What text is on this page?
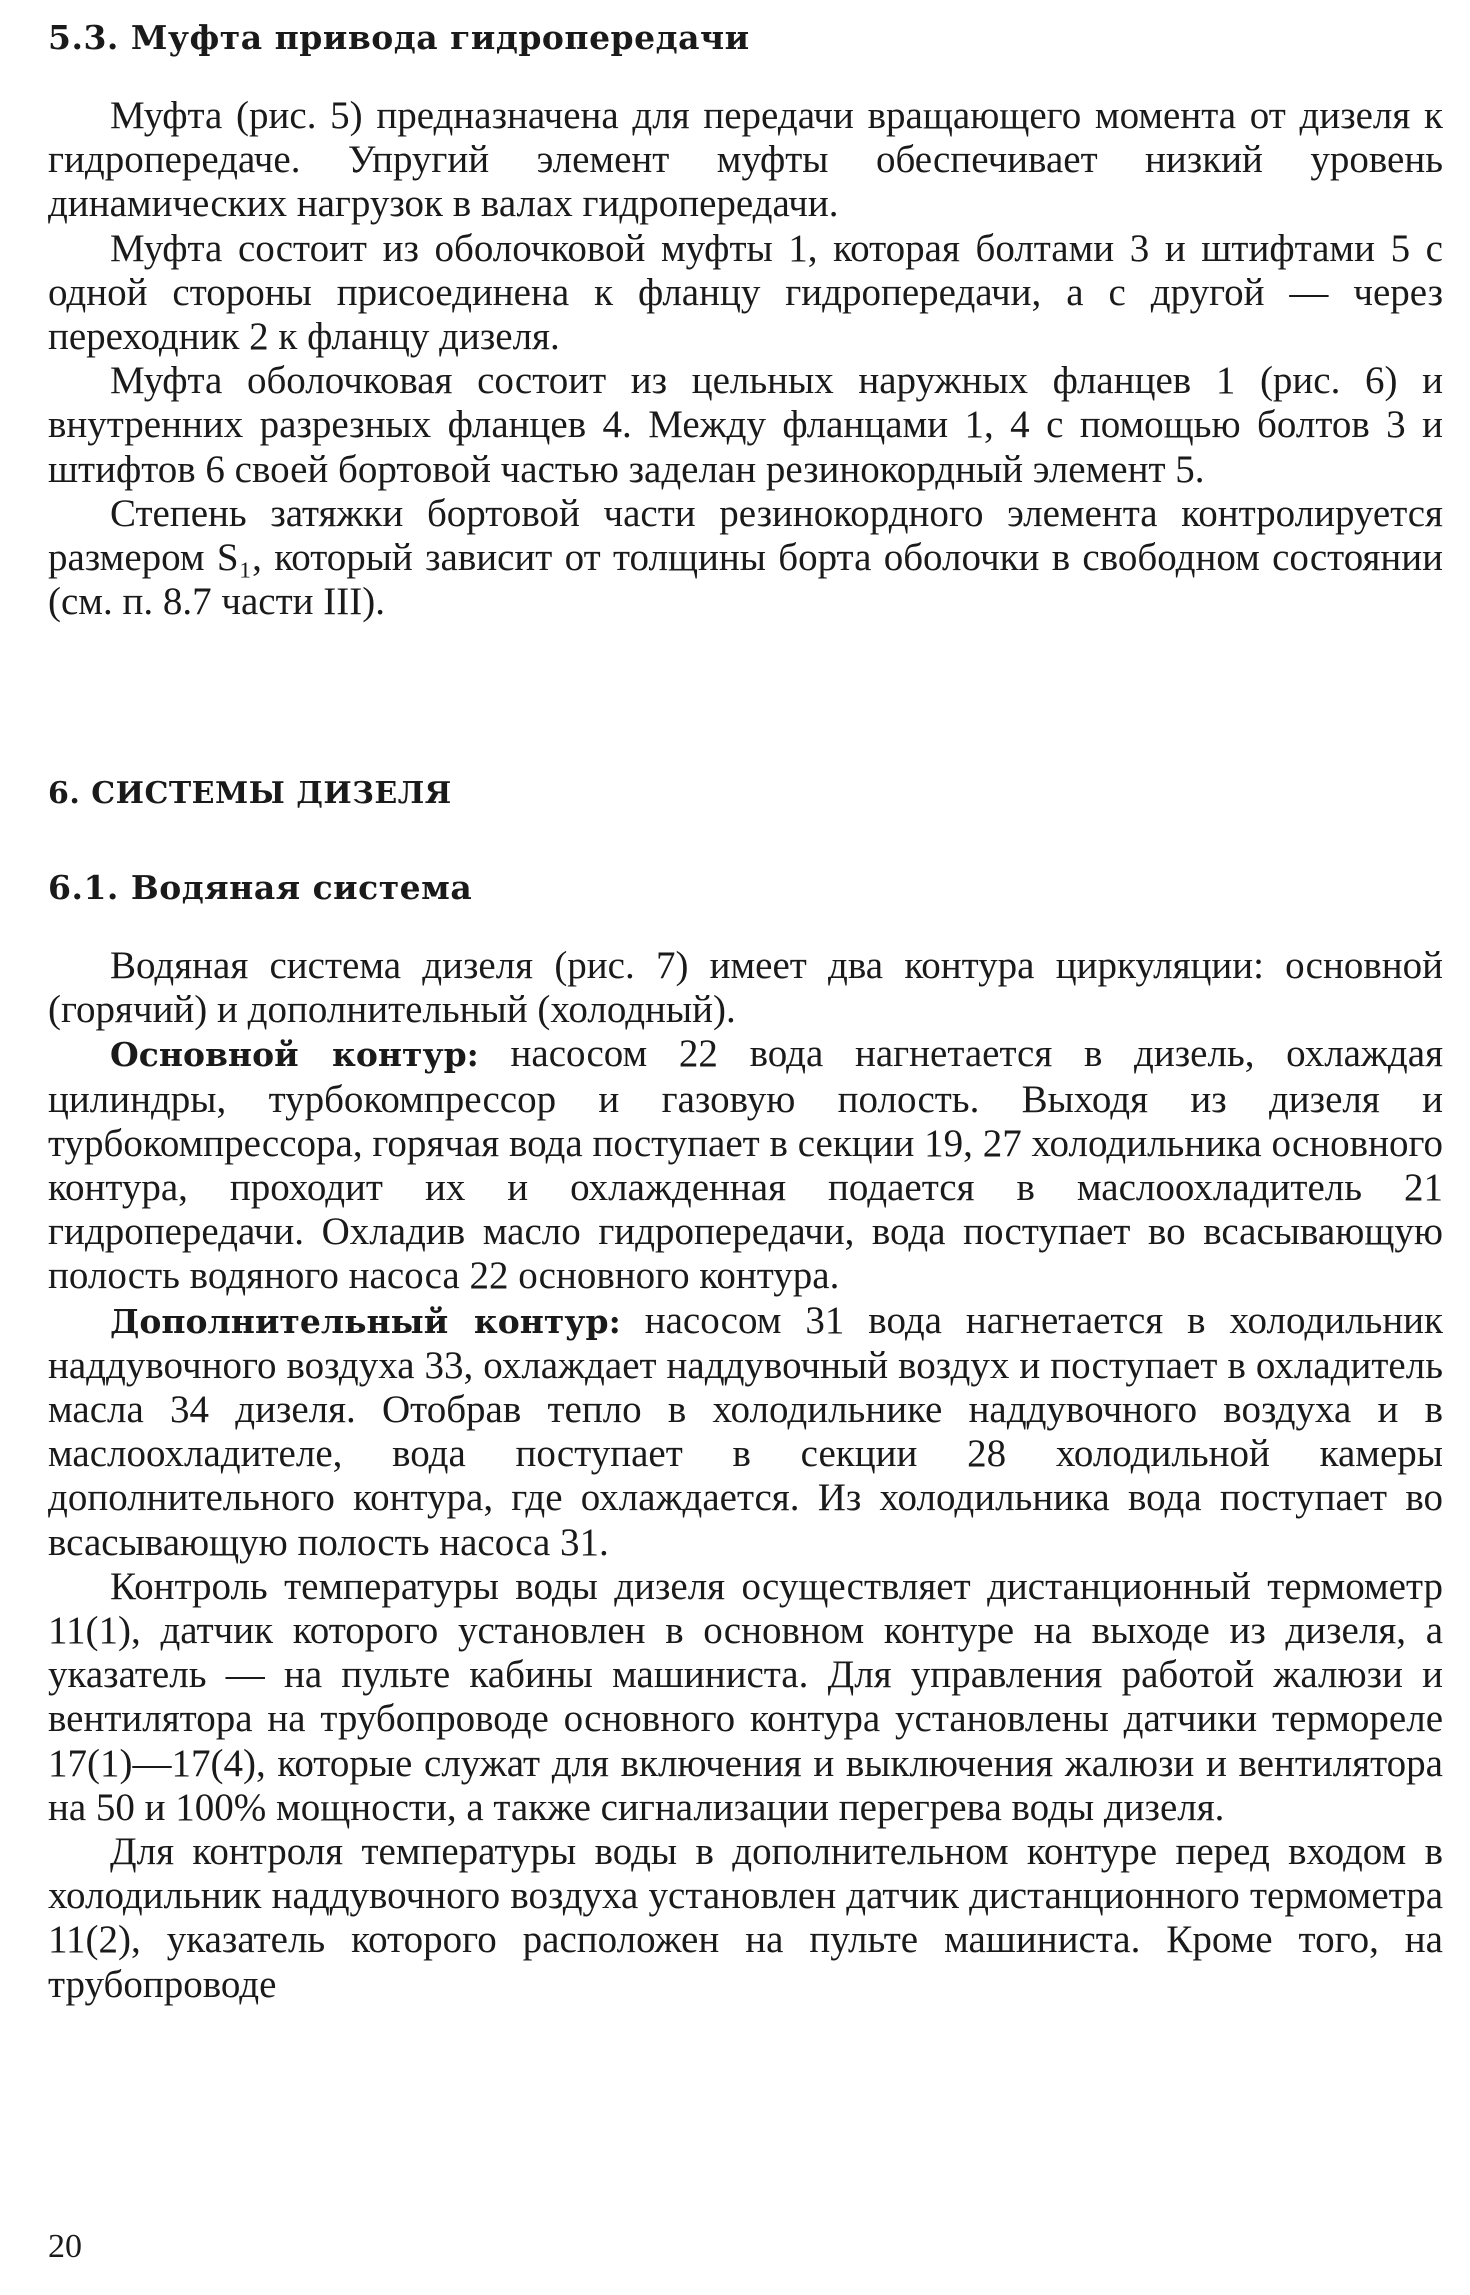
5.3. Муфта привода гидропередачи

Муфта (рис. 5) предназначена для передачи вращающего момента от дизеля к гидропередаче. Упругий элемент муфты обеспечивает низкий уровень динамических нагрузок в валах гидропередачи.

Муфта состоит из оболочковой муфты 1, которая болтами 3 и штифтами 5 с одной стороны присоединена к фланцу гидропередачи, а с другой — через переходник 2 к фланцу дизеля.

Муфта оболочковая состоит из цельных наружных фланцев 1 (рис. 6) и внутренних разрезных фланцев 4. Между фланцами 1, 4 с помощью болтов 3 и штифтов 6 своей бортовой частью заделан резинокордный элемент 5.

Степень затяжки бортовой части резинокордного элемента контролируется размером S₁, который зависит от толщины борта оболочки в свободном состоянии (см. п. 8.7 части III).

6. СИСТЕМЫ ДИЗЕЛЯ
6.1. Водяная система

Водяная система дизеля (рис. 7) имеет два контура циркуляции: основной (горячий) и дополнительный (холодный).

Основной контур: насосом 22 вода нагнетается в дизель, охлаждая цилиндры, турбокомпрессор и газовую полость. Выходя из дизеля и турбокомпрессора, горячая вода поступает в секции 19, 27 холодильника основного контура, проходит их и охлажденная подается в маслоохладитель 21 гидропередачи. Охладив масло гидропередачи, вода поступает во всасывающую полость водяного насоса 22 основного контура.

Дополнительный контур: насосом 31 вода нагнетается в холодильник наддувочного воздуха 33, охлаждает наддувочный воздух и поступает в охладитель масла 34 дизеля. Отобрав тепло в холодильнике наддувочного воздуха и в маслоохладителе, вода поступает в секции 28 холодильной камеры дополнительного контура, где охлаждается. Из холодильника вода поступает во всасывающую полость насоса 31.

Контроль температуры воды дизеля осуществляет дистанционный термометр 11(1), датчик которого установлен в основном контуре на выходе из дизеля, а указатель — на пульте кабины машиниста. Для управления работой жалюзи и вентилятора на трубопроводе основного контура установлены датчики термореле 17(1)—17(4), которые служат для включения и выключения жалюзи и вентилятора на 50 и 100% мощности, а также сигнализации перегрева воды дизеля.

Для контроля температуры воды в дополнительном контуре перед входом в холодильник наддувочного воздуха установлен датчик дистанционного термометра 11(2), указатель которого расположен на пульте машиниста. Кроме того, на трубопроводе

20
